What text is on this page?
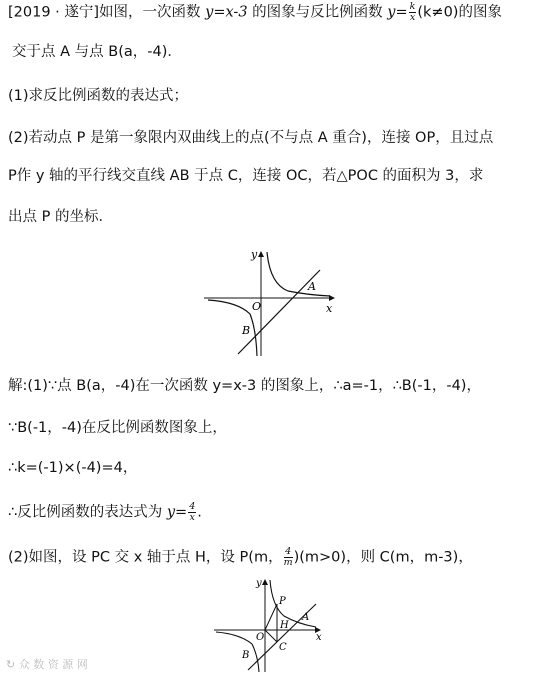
[2019 · 遂宁]如图，一次函数 y=x-3 的图象与反比例函数 $y= \frac{k}{x} (k\ne 0)$的图象
交于点 A 与点 B(a，-4)．
(1)求反比例函数的表达式；
(2)若动点 P 是第一象限内双曲线上的点(不与点 A 重合)，连接 OP，且过点
P作 y 轴的平行线交直线 AB 于点 C，连接 OC，若△POC 的面积为 3，求
出点 P 的坐标．
y
x
O
A
B
解:(1)∵点 B(a，-4)在一次函数 y=x-3 的图象上，∴a=-1，∴B(-1，-4)，
∵B(-1，-4)在反比例函数图象上，
∴k=(-1)×(-4)=4，
∴反比例函数的表达式为 $y= \frac{4}{x}$ .
(2)如图，设 PC 交 x 轴于点 H，设 P(m， $\frac{4}{m} )(m>0)$，则 C(m，m-3)，
y
x
O
A
B
P
C
H
↻ 众 数 资 源 网
